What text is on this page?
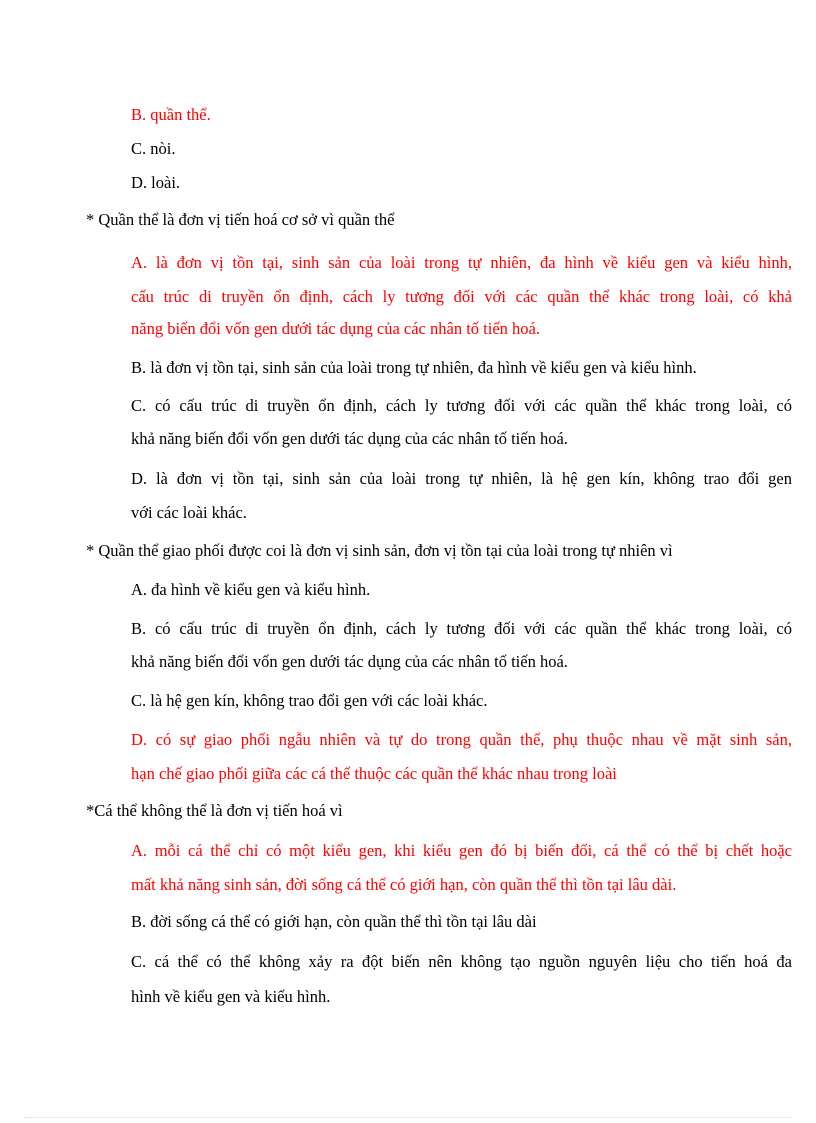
B. quần thể.
C. nòi.
D. loài.
* Quần thể là đơn vị tiến hoá cơ sở vì quần thể
A. là đơn vị tồn tại, sinh sản của loài trong tự nhiên, đa hình về kiểu gen và kiểu hình,
cấu trúc di truyền ổn định, cách ly tương đối với các quần thể khác trong loài, có khả
năng biến đổi vốn gen dưới tác dụng của các nhân tố tiến hoá.
B. là đơn vị tồn tại, sinh sản của loài trong tự nhiên, đa hình về kiểu gen và kiểu hình.
C. có cấu trúc di truyền ổn định, cách ly tương đối với các quần thể khác trong loài, có
khả năng biến đổi vốn gen dưới tác dụng của các nhân tố tiến hoá.
D. là đơn vị tồn tại, sinh sản của loài trong tự nhiên, là hệ gen kín, không trao đổi gen
với các loài khác.
* Quần thể giao phối được coi là đơn vị sinh sản, đơn vị tồn tại của loài trong tự nhiên vì
A. đa hình về kiểu gen và kiểu hình.
B. có cấu trúc di truyền ổn định, cách ly tương đối với các quần thể khác trong loài, có
khả năng biến đổi vốn gen dưới tác dụng của các nhân tố tiến hoá.
C. là hệ gen kín, không trao đổi gen với các loài khác.
D. có sự giao phối ngẫu nhiên và tự do trong quần thể, phụ thuộc nhau về mặt sinh sản,
hạn chế giao phối giữa các cá thể thuộc các quần thể khác nhau trong loài
*Cá thể không thể là đơn vị tiến hoá vì
A. mỗi cá thể chỉ có một kiểu gen, khi kiểu gen đó bị biến đổi, cá thể có thể bị chết hoặc
mất khả năng sinh sản, đời sống cá thể có giới hạn, còn quần thể thì tồn tại lâu dài.
B. đời sống cá thể có giới hạn, còn quần thể thì tồn tại lâu dài
C. cá thể có thể không xảy ra đột biến nên không tạo nguồn nguyên liệu cho tiến hoá đa
hình về kiểu gen và kiểu hình.
